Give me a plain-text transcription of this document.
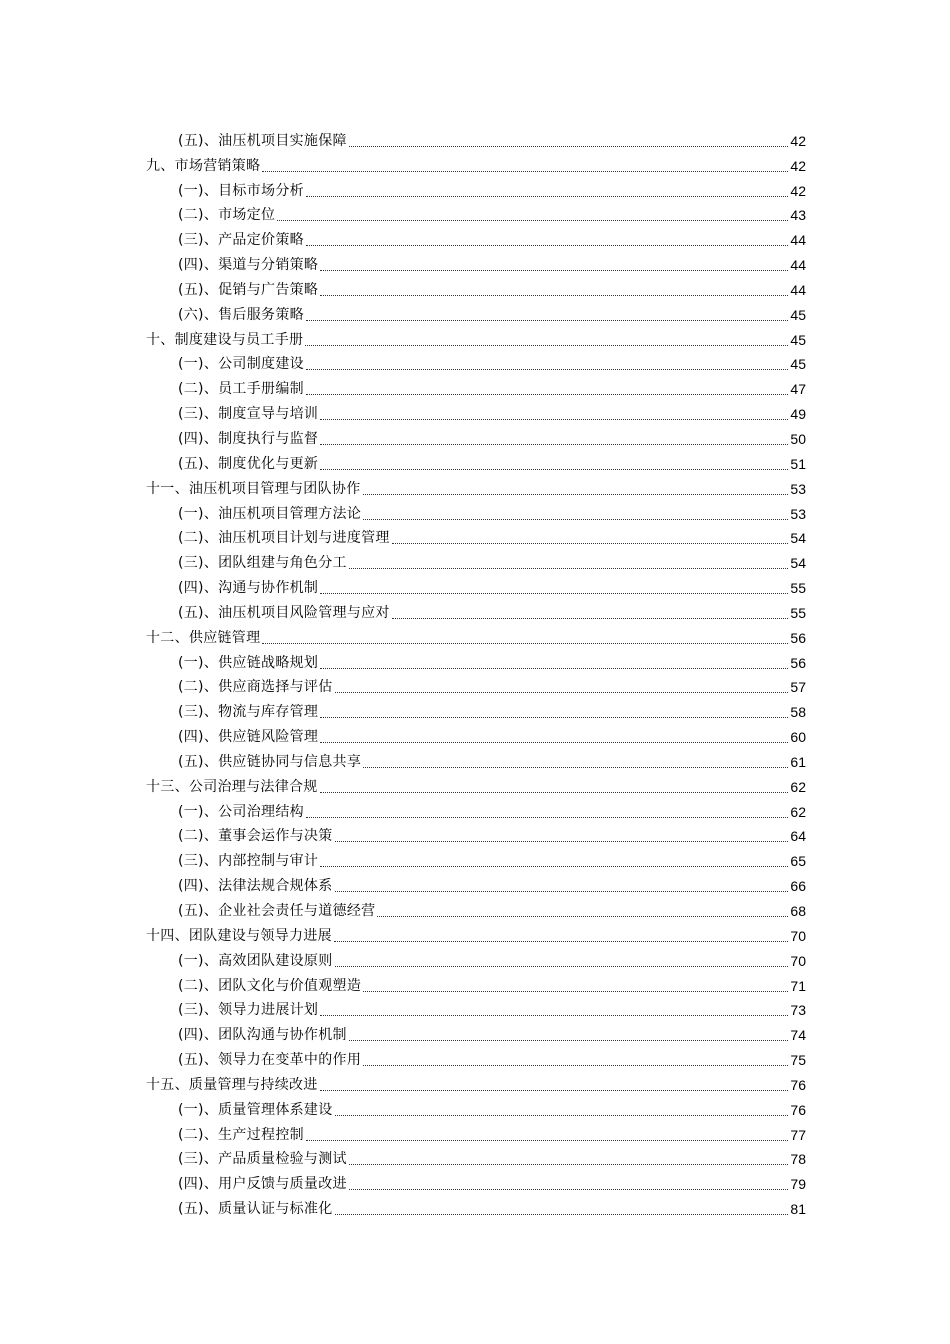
(五)、油压机项目实施保障	42
九、市场营销策略	42
(一)、目标市场分析	42
(二)、市场定位	43
(三)、产品定价策略	44
(四)、渠道与分销策略	44
(五)、促销与广告策略	44
(六)、售后服务策略	45
十、制度建设与员工手册	45
(一)、公司制度建设	45
(二)、员工手册编制	47
(三)、制度宣导与培训	49
(四)、制度执行与监督	50
(五)、制度优化与更新	51
十一、油压机项目管理与团队协作	53
(一)、油压机项目管理方法论	53
(二)、油压机项目计划与进度管理	54
(三)、团队组建与角色分工	54
(四)、沟通与协作机制	55
(五)、油压机项目风险管理与应对	55
十二、供应链管理	56
(一)、供应链战略规划	56
(二)、供应商选择与评估	57
(三)、物流与库存管理	58
(四)、供应链风险管理	60
(五)、供应链协同与信息共享	61
十三、公司治理与法律合规	62
(一)、公司治理结构	62
(二)、董事会运作与决策	64
(三)、内部控制与审计	65
(四)、法律法规合规体系	66
(五)、企业社会责任与道德经营	68
十四、团队建设与领导力进展	70
(一)、高效团队建设原则	70
(二)、团队文化与价值观塑造	71
(三)、领导力进展计划	73
(四)、团队沟通与协作机制	74
(五)、领导力在变革中的作用	75
十五、质量管理与持续改进	76
(一)、质量管理体系建设	76
(二)、生产过程控制	77
(三)、产品质量检验与测试	78
(四)、用户反馈与质量改进	79
(五)、质量认证与标准化	81
